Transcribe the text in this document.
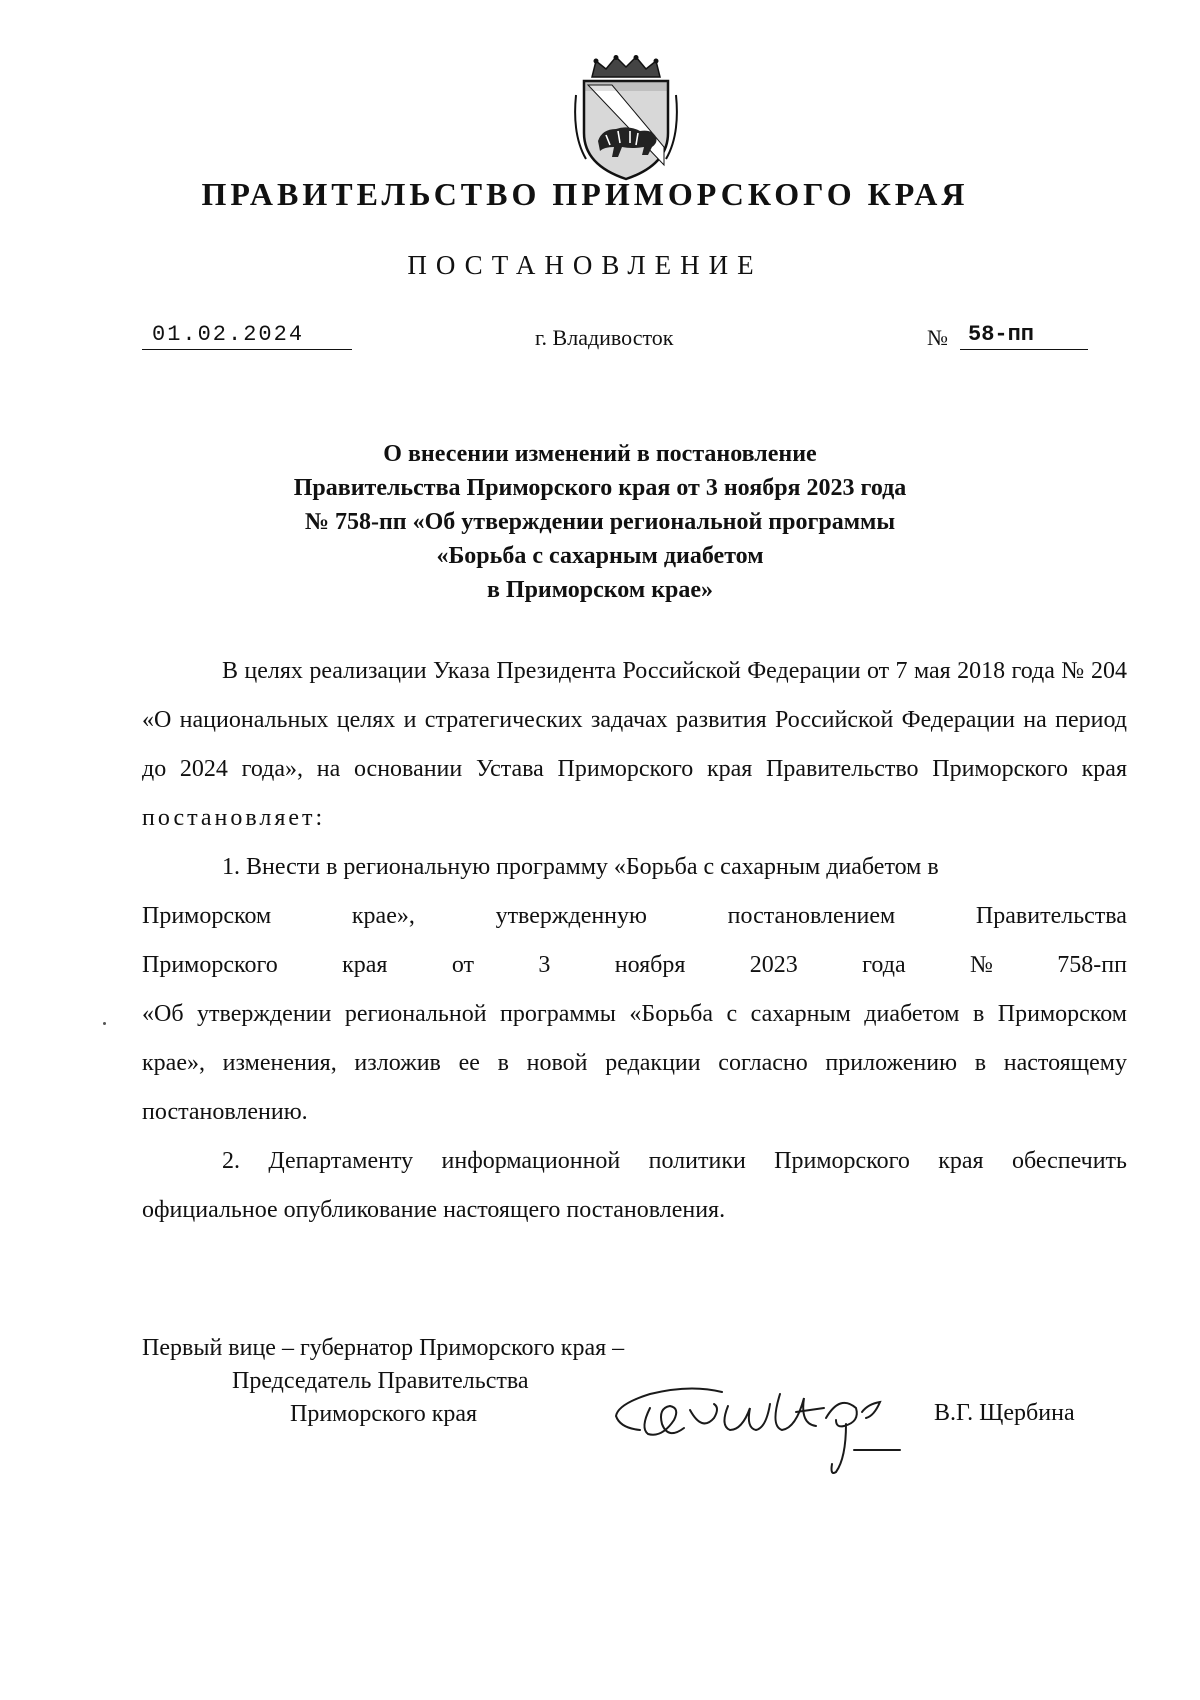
ПРАВИТЕЛЬСТВО ПРИМОРСКОГО КРАЯ
ПОСТАНОВЛЕНИЕ
01.02.2024	г. Владивосток	№ 58-пп
О внесении изменений в постановление
Правительства Приморского края от 3 ноября 2023 года
№ 758-пп «Об утверждении региональной программы
«Борьба с сахарным диабетом
в Приморском крае»

В целях реализации Указа Президента Российской Федерации от 7 мая 2018 года № 204 «О национальных целях и стратегических задачах развития Российской Федерации на период до 2024 года», на основании Устава Приморского края Правительство Приморского края постановляет:

1. Внести в региональную программу «Борьба с сахарным диабетом в
Приморском	крае»,	утвержденную	постановлением	Правительства
Приморского	края	от	3	ноября	2023	года	№	758-пп

«Об утверждении региональной программы «Борьба с сахарным диабетом в Приморском крае», изменения, изложив ее в новой редакции согласно приложению в настоящему постановлению.

2. Департаменту информационной политики Приморского края обеспечить официальное опубликование настоящего постановления.

Первый вице – губернатор Приморского края –
Председатель Правительства
Приморского края	В.Г. Щербина
